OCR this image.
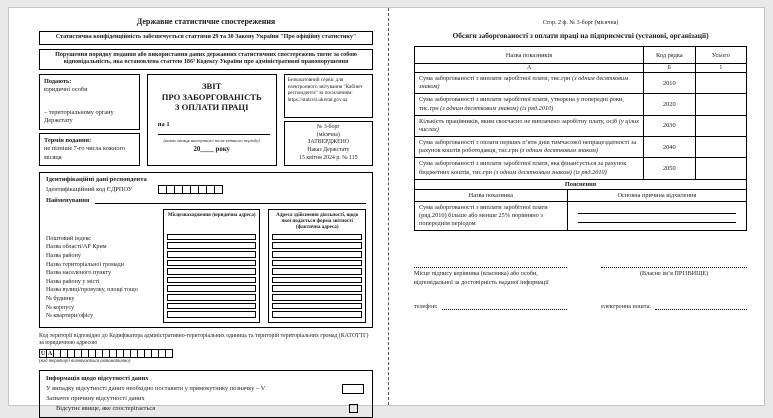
Державне статистичне спостереження
Статистична конфіденційність забезпечується статтями 29 та 30 Закону України "Про офіційну статистику"
Порушення порядку подання або використання даних державних статистичних спостережень тягне за собою відповідальність, яка встановлена статтею 186³ Кодексу України про адміністративні правопорушення
Подають:
юридичні особи
– територіальному органу Держстату
Термін подання:
не пізніше 7-го числа кожного місяця
ЗВІТ
ПРО ЗАБОРГОВАНІСТЬ
З ОПЛАТИ ПРАЦІ
на 1
(назва місяця наступного після звітного періоду)
20____ року
Безкоштовний сервіс для електронного звітування "Кабінет респондента" за посиланням: https://statzvit.ukrstat.gov.ua
№ 3-борг
(місячна)
ЗАТВЕРДЖЕНО
Наказ Держстату
15 квітня 2024 р. № 115
Ідентифікаційні дані респондента
Ідентифікаційний код ЄДРПОУ
Найменування
Поштовий індекс
Назва області/АР Крим
Назва району
Назва територіальної громади
Назва населеного пункту
Назва району у місті
Назва вулиці/провулку, площі тощо
№ будинку
№ корпусу
№ квартири/офісу
Місцезнаходження (юридична адреса)	Адреса здійснення діяльності, щодо якої подається форма звітності (фактична адреса)
Код території відповідно до Кодифікатора адміністративно-територіальних одиниць та територій територіальних громад (КАТОТТГ) за юридичною адресою
U A
(код території визначається автоматично)
Інформація щодо відсутності даних
У випадку відсутності даних необхідно поставити у прямокутнику позначку – V
Зазначте причину відсутності даних
Відсутнє явище, яке спостерігається
Стор. 2 ф. № 3-борг (місячна)
Обсяги заборгованості з оплати праці на підприємстві (установі, організації)
Назва показників	Код рядка	Усього
А	Б	1
Сума заборгованості з виплати заробітної плати, тис.грн (з одним десятковим знаком)	2010	
Сума заборгованості з виплати заробітної плати, утворена у попередні роки, тис.грн (з одним десятковим знаком) (із ряд.2010)	2020	
Кількість працівників, яким своєчасно не виплачено заробітну плату, осіб (у цілих числах)	2030	
Сума заборгованості з оплати перших п’яти днів тимчасової непрацездатності за рахунок коштів роботодавця, тис.грн (з одним десятковим знаком)	2040	
Сума заборгованості з виплати заробітної плати, яка фінансується за рахунок бюджетних коштів, тис.грн (з одним десятковим знаком) (із ряд.2010)	2050	
Пояснення	
Назва показника	Основна причина відхилення
Сума заборгованості з виплати заробітної плати (ряд.2010) більше або менше 25% порівняно з попереднім періодом	
Місце підпису керівника (власника) або особи, відповідальної за достовірність наданої інформації
(Власне ім’я ПРІЗВИЩЕ)
телефон:	електронна пошта:
